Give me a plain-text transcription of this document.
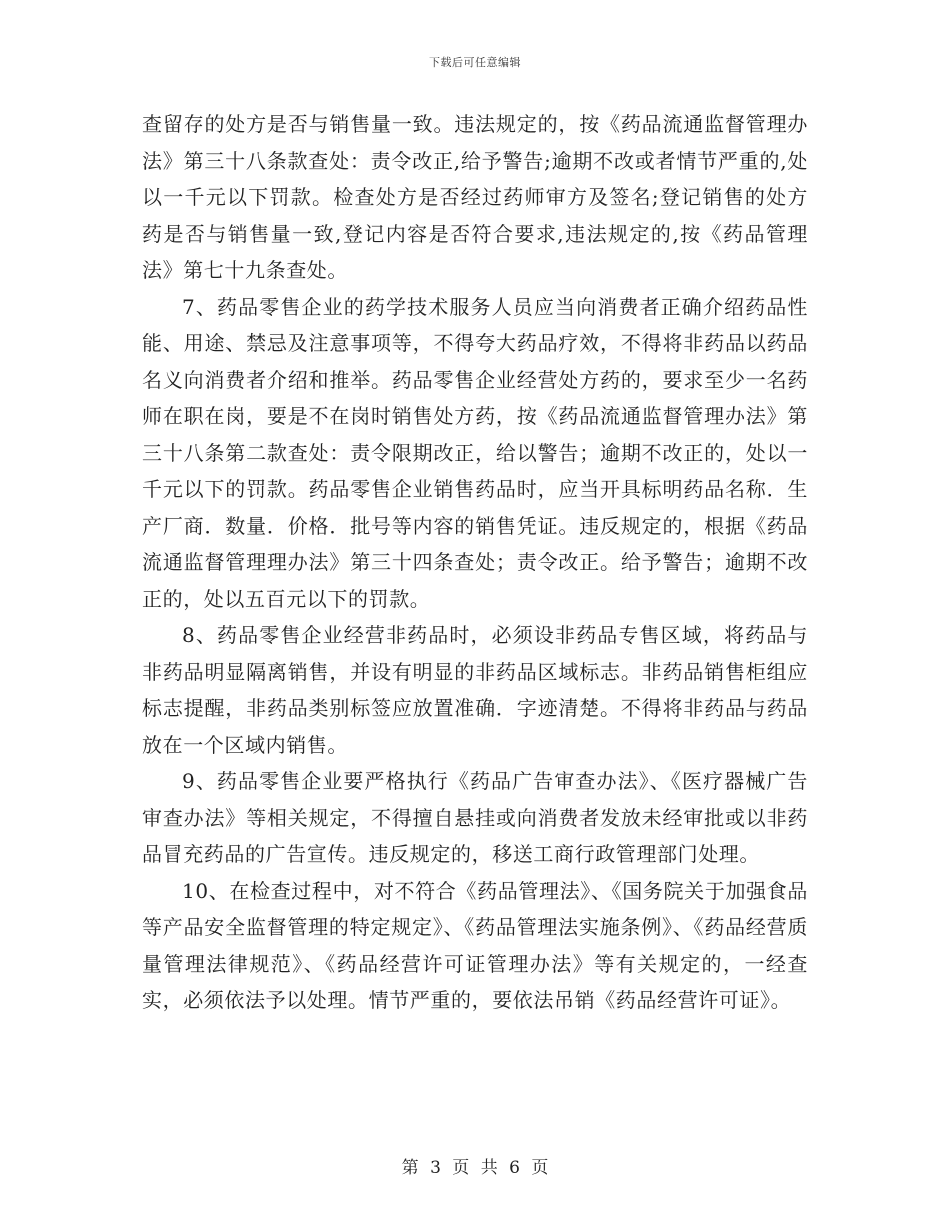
下载后可任意编辑

查留存的处方是否与销售量一致。违法规定的，按《药品流通监督管理办法》第三十八条款查处：责令改正,给予警告;逾期不改或者情节严重的,处以一千元以下罚款。检查处方是否经过药师审方及签名;登记销售的处方药是否与销售量一致,登记内容是否符合要求,违法规定的,按《药品管理法》第七十九条查处。

7、药品零售企业的药学技术服务人员应当向消费者正确介绍药品性能、用途、禁忌及注意事项等，不得夸大药品疗效，不得将非药品以药品名义向消费者介绍和推举。药品零售企业经营处方药的，要求至少一名药师在职在岗，要是不在岗时销售处方药，按《药品流通监督管理办法》第三十八条第二款查处：责令限期改正，给以警告；逾期不改正的，处以一千元以下的罚款。药品零售企业销售药品时，应当开具标明药品名称．生产厂商．数量．价格．批号等内容的销售凭证。违反规定的，根据《药品流通监督管理理办法》第三十四条查处；责令改正。给予警告；逾期不改正的，处以五百元以下的罚款。

8、药品零售企业经营非药品时，必须设非药品专售区域，将药品与非药品明显隔离销售，并设有明显的非药品区域标志。非药品销售柜组应标志提醒，非药品类别标签应放置准确．字迹清楚。不得将非药品与药品放在一个区域内销售。

9、药品零售企业要严格执行《药品广告审查办法》、《医疗器械广告审查办法》等相关规定，不得擅自悬挂或向消费者发放未经审批或以非药品冒充药品的广告宣传。违反规定的，移送工商行政管理部门处理。

10、在检查过程中，对不符合《药品管理法》、《国务院关于加强食品等产品安全监督管理的特定规定》、《药品管理法实施条例》、《药品经营质量管理法律规范》、《药品经营许可证管理办法》等有关规定的，一经查实，必须依法予以处理。情节严重的，要依法吊销《药品经营许可证》。

第 3 页 共 6 页
